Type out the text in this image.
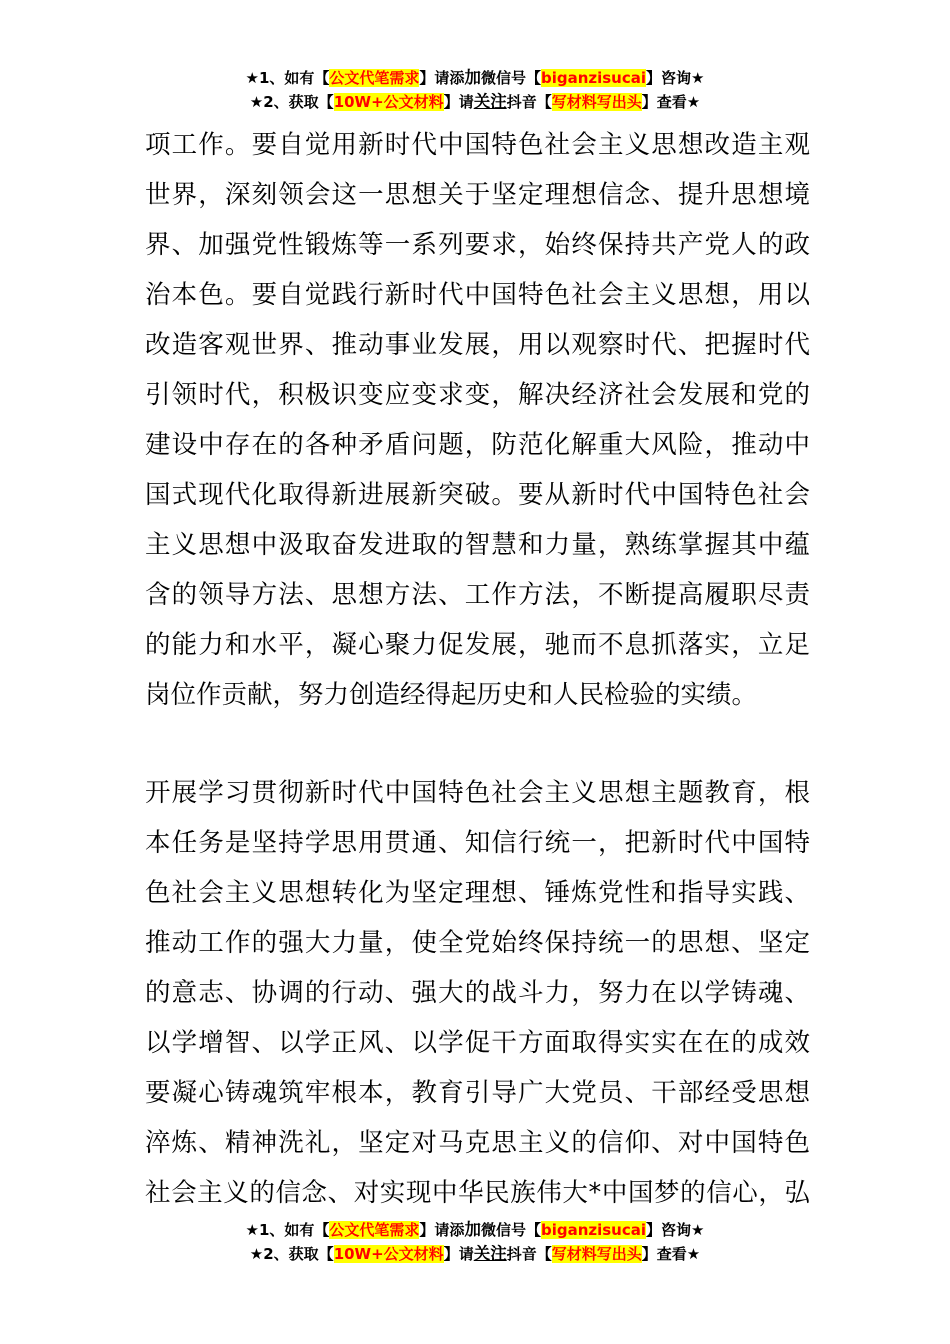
★1、如有【公文代笔需求】请添加微信号【biganzisucai】咨询★
★2、获取【10W+公文材料】请关注抖音【写材料写出头】查看★
项工作。要自觉用新时代中国特色社会主义思想改造主观
世界，深刻领会这一思想关于坚定理想信念、提升思想境
界、加强党性锻炼等一系列要求，始终保持共产党人的政
治本色。要自觉践行新时代中国特色社会主义思想，用以
改造客观世界、推动事业发展，用以观察时代、把握时代
引领时代，积极识变应变求变，解决经济社会发展和党的
建设中存在的各种矛盾问题，防范化解重大风险，推动中
国式现代化取得新进展新突破。要从新时代中国特色社会
主义思想中汲取奋发进取的智慧和力量，熟练掌握其中蕴
含的领导方法、思想方法、工作方法，不断提高履职尽责
的能力和水平，凝心聚力促发展，驰而不息抓落实，立足
岗位作贡献，努力创造经得起历史和人民检验的实绩。
开展学习贯彻新时代中国特色社会主义思想主题教育，根
本任务是坚持学思用贯通、知信行统一，把新时代中国特
色社会主义思想转化为坚定理想、锤炼党性和指导实践、
推动工作的强大力量，使全党始终保持统一的思想、坚定
的意志、协调的行动、强大的战斗力，努力在以学铸魂、
以学增智、以学正风、以学促干方面取得实实在在的成效
要凝心铸魂筑牢根本，教育引导广大党员、干部经受思想
淬炼、精神洗礼，坚定对马克思主义的信仰、对中国特色
社会主义的信念、对实现中华民族伟大*中国梦的信心，弘
★1、如有【公文代笔需求】请添加微信号【biganzisucai】咨询★
★2、获取【10W+公文材料】请关注抖音【写材料写出头】查看★
